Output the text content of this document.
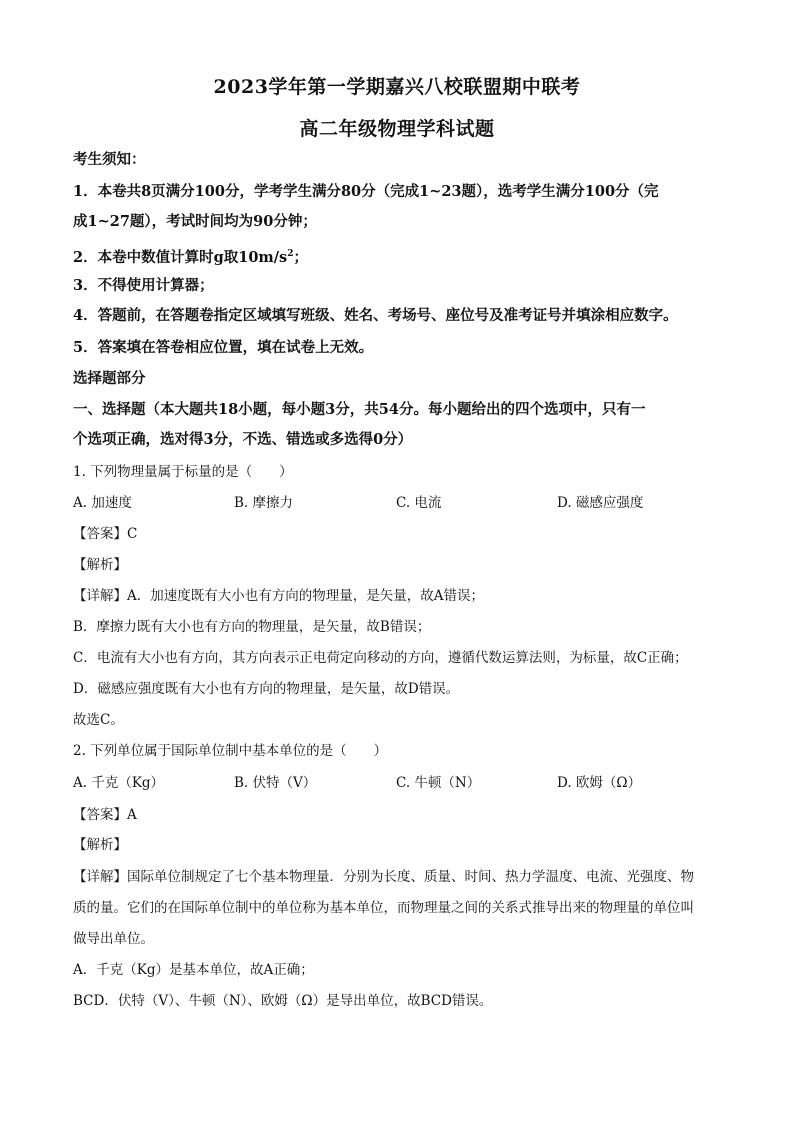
2023学年第一学期嘉兴八校联盟期中联考
高二年级物理学科试题
考生须知：
1．本卷共8页满分100分，学考学生满分80分（完成1~23题），选考学生满分100分（完
成1~27题），考试时间均为90分钟；
2．本卷中数值计算时g取$10m/s^2$；
3．不得使用计算器；
4．答题前，在答题卷指定区域填写班级、姓名、考场号、座位号及准考证号并填涂相应数字。
5．答案填在答卷相应位置，填在试卷上无效。
选择题部分
一、选择题（本大题共18小题，每小题3分，共54分。每小题给出的四个选项中，只有一
个选项正确，选对得3分，不选、错选或多选得0分）
1. 下列物理量属于标量的是（　　）
A. 加速度	B. 摩擦力	C. 电流	D. 磁感应强度
【答案】C
【解析】
【详解】A．加速度既有大小也有方向的物理量，是矢量，故A错误；
B．摩擦力既有大小也有方向的物理量，是矢量，故B错误；
C．电流有大小也有方向，其方向表示正电荷定向移动的方向，遵循代数运算法则，为标量，故C正确；
D．磁感应强度既有大小也有方向的物理量，是矢量，故D错误。
故选C。
2. 下列单位属于国际单位制中基本单位的是（　　）
A. 千克（Kg）	B. 伏特（V）	C. 牛顿（N）	D. 欧姆（Ω）
【答案】A
【解析】
【详解】国际单位制规定了七个基本物理量．分别为长度、质量、时间、热力学温度、电流、光强度、物
质的量。它们的在国际单位制中的单位称为基本单位，而物理量之间的关系式推导出来的物理量的单位叫
做导出单位。
A．千克（Kg）是基本单位，故A正确；
BCD．伏特（V）、牛顿（N）、欧姆（Ω）是导出单位，故BCD错误。
